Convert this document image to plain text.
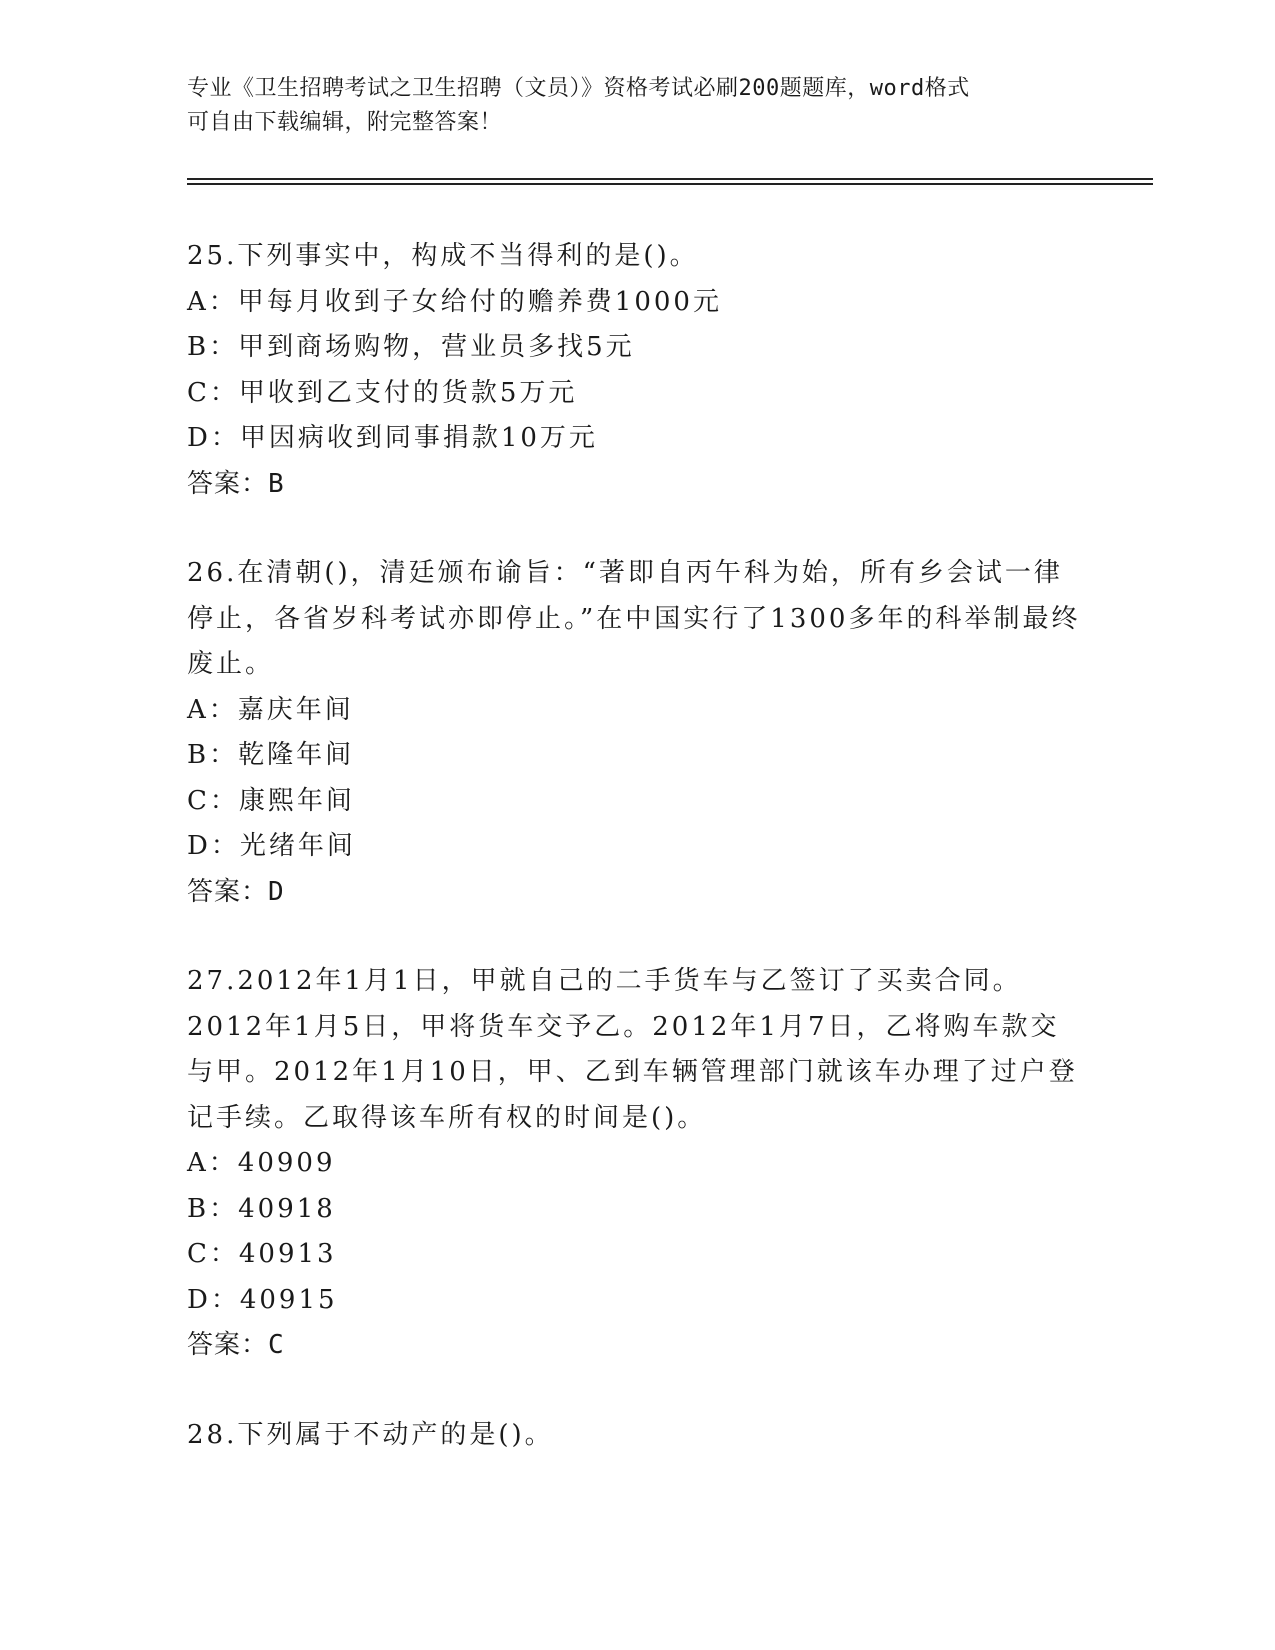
专业《卫生招聘考试之卫生招聘（文员）》资格考试必刷200题题库，word格式
可自由下载编辑，附完整答案！

25.下列事实中，构成不当得利的是()。

A：甲每月收到子女给付的赡养费1000元
B：甲到商场购物，营业员多找5元
C：甲收到乙支付的货款5万元
D：甲因病收到同事捐款10万元
答案：B

26.在清朝()，清廷颁布谕旨：“著即自丙午科为始，所有乡会试一律停止，各省岁科考试亦即停止。”在中国实行了1300多年的科举制最终废止。

A：嘉庆年间
B：乾隆年间
C：康熙年间
D：光绪年间
答案：D

27.2012年1月1日，甲就自己的二手货车与乙签订了买卖合同。2012年1月5日，甲将货车交予乙。2012年1月7日，乙将购车款交与甲。2012年1月10日，甲、乙到车辆管理部门就该车办理了过户登记手续。乙取得该车所有权的时间是()。

A：40909
B：40918
C：40913
D：40915
答案：C

28.下列属于不动产的是()。
